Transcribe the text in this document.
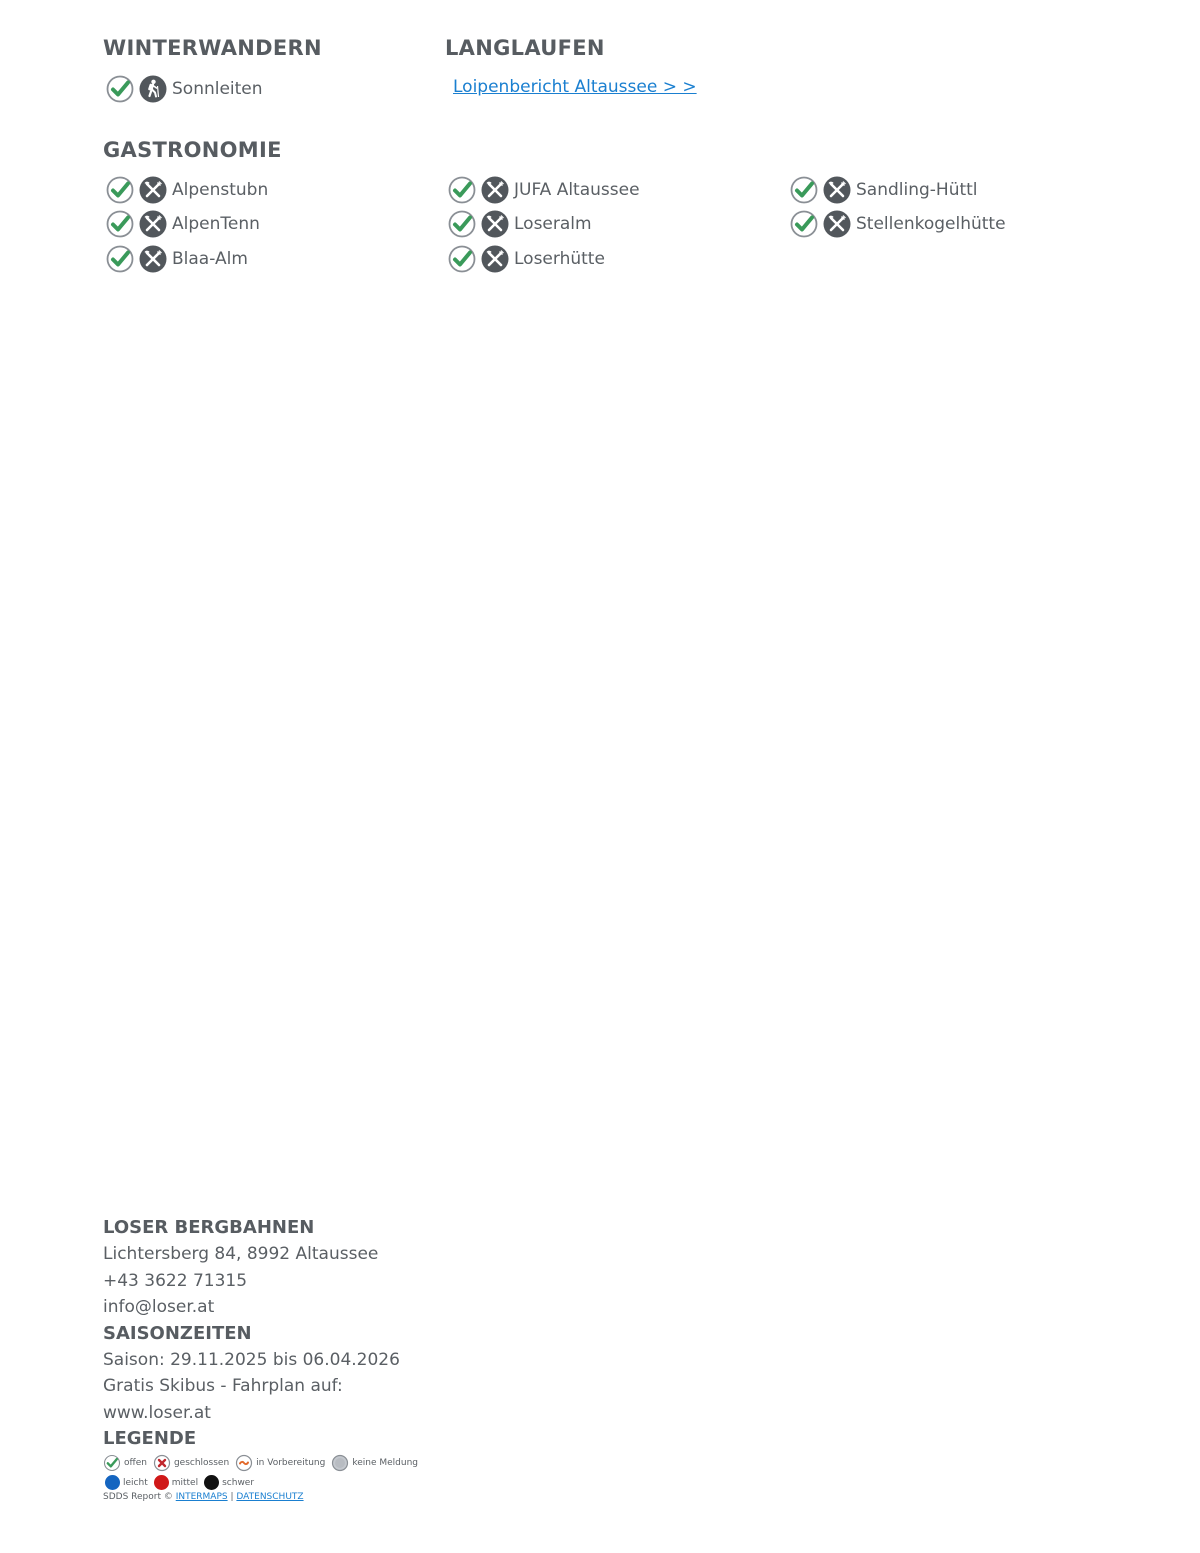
WINTERWANDERN
Sonnleiten
LANGLAUFEN
Loipenbericht Altaussee > >
GASTRONOMIE
Alpenstubn
AlpenTenn
Blaa-Alm
JUFA Altaussee
Loseralm
Loserhütte
Sandling-Hüttl
Stellenkogelhütte
LOSER BERGBAHNEN
Lichtersberg 84, 8992 Altaussee
+43 3622 71315
info@loser.at
SAISONZEITEN
Saison: 29.11.2025 bis 06.04.2026
Gratis Skibus - Fahrplan auf:
www.loser.at
LEGENDE
offen	geschlossen	in Vorbereitung	keine Meldung
leicht	mittel	schwer
SDDS Report © INTERMAPS | DATENSCHUTZ
